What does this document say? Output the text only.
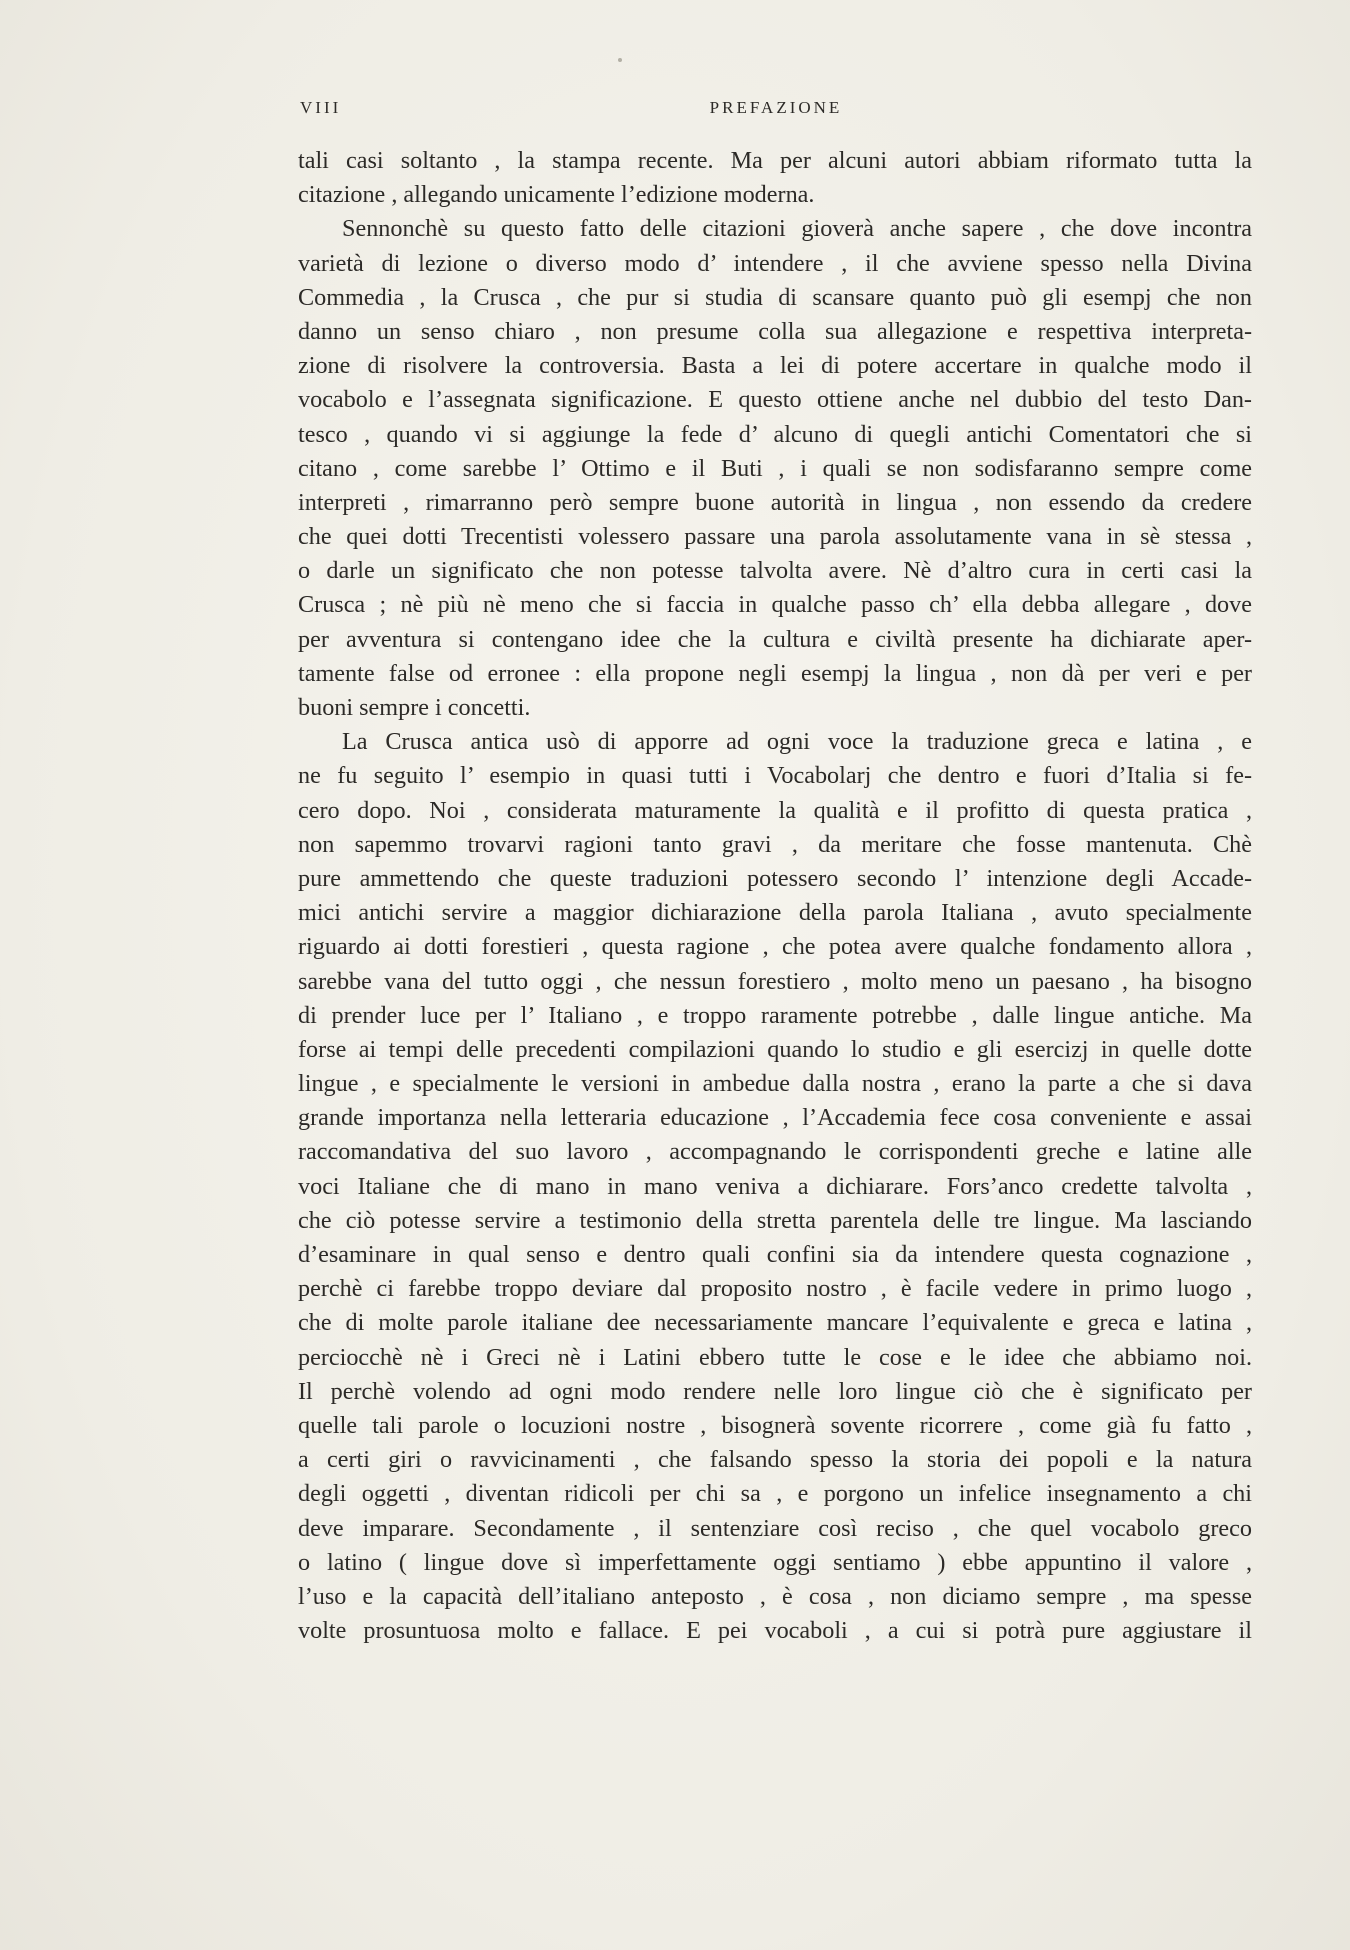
VIII	PREFAZIONE
tali casi soltanto , la stampa recente. Ma per alcuni autori abbiam riformato tutta la
citazione , allegando unicamente l’edizione moderna.
Sennonchè su questo fatto delle citazioni gioverà anche sapere , che dove incontra
varietà di lezione o diverso modo d’ intendere , il che avviene spesso nella Divina
Commedia , la Crusca , che pur si studia di scansare quanto può gli esempj che non
danno un senso chiaro , non presume colla sua allegazione e respettiva interpreta-
zione di risolvere la controversia. Basta a lei di potere accertare in qualche modo il
vocabolo e l’assegnata significazione. E questo ottiene anche nel dubbio del testo Dan-
tesco , quando vi si aggiunge la fede d’ alcuno di quegli antichi Comentatori che si
citano , come sarebbe l’ Ottimo e il Buti , i quali se non sodisfaranno sempre come
interpreti , rimarranno però sempre buone autorità in lingua , non essendo da credere
che quei dotti Trecentisti volessero passare una parola assolutamente vana in sè stessa ,
o darle un significato che non potesse talvolta avere. Nè d’altro cura in certi casi la
Crusca ; nè più nè meno che si faccia in qualche passo ch’ ella debba allegare , dove
per avventura si contengano idee che la cultura e civiltà presente ha dichiarate aper-
tamente false od erronee : ella propone negli esempj la lingua , non dà per veri e per
buoni sempre i concetti.
La Crusca antica usò di apporre ad ogni voce la traduzione greca e latina , e
ne fu seguito l’ esempio in quasi tutti i Vocabolarj che dentro e fuori d’Italia si fe-
cero dopo. Noi , considerata maturamente la qualità e il profitto di questa pratica ,
non sapemmo trovarvi ragioni tanto gravi , da meritare che fosse mantenuta. Chè
pure ammettendo che queste traduzioni potessero secondo l’ intenzione degli Accade-
mici antichi servire a maggior dichiarazione della parola Italiana , avuto specialmente
riguardo ai dotti forestieri , questa ragione , che potea avere qualche fondamento allora ,
sarebbe vana del tutto oggi , che nessun forestiero , molto meno un paesano , ha bisogno
di prender luce per l’ Italiano , e troppo raramente potrebbe , dalle lingue antiche. Ma
forse ai tempi delle precedenti compilazioni quando lo studio e gli esercizj in quelle dotte
lingue , e specialmente le versioni in ambedue dalla nostra , erano la parte a che si dava
grande importanza nella letteraria educazione , l’Accademia fece cosa conveniente e assai
raccomandativa del suo lavoro , accompagnando le corrispondenti greche e latine alle
voci Italiane che di mano in mano veniva a dichiarare. Fors’anco credette talvolta ,
che ciò potesse servire a testimonio della stretta parentela delle tre lingue. Ma lasciando
d’esaminare in qual senso e dentro quali confini sia da intendere questa cognazione ,
perchè ci farebbe troppo deviare dal proposito nostro , è facile vedere in primo luogo ,
che di molte parole italiane dee necessariamente mancare l’equivalente e greca e latina ,
perciocchè nè i Greci nè i Latini ebbero tutte le cose e le idee che abbiamo noi.
Il perchè volendo ad ogni modo rendere nelle loro lingue ciò che è significato per
quelle tali parole o locuzioni nostre , bisognerà sovente ricorrere , come già fu fatto ,
a certi giri o ravvicinamenti , che falsando spesso la storia dei popoli e la natura
degli oggetti , diventan ridicoli per chi sa , e porgono un infelice insegnamento a chi
deve imparare. Secondamente , il sentenziare così reciso , che quel vocabolo greco
o latino ( lingue dove sì imperfettamente oggi sentiamo ) ebbe appuntino il valore ,
l’uso e la capacità dell’italiano anteposto , è cosa , non diciamo sempre , ma spesse
volte prosuntuosa molto e fallace. E pei vocaboli , a cui si potrà pure aggiustare il
